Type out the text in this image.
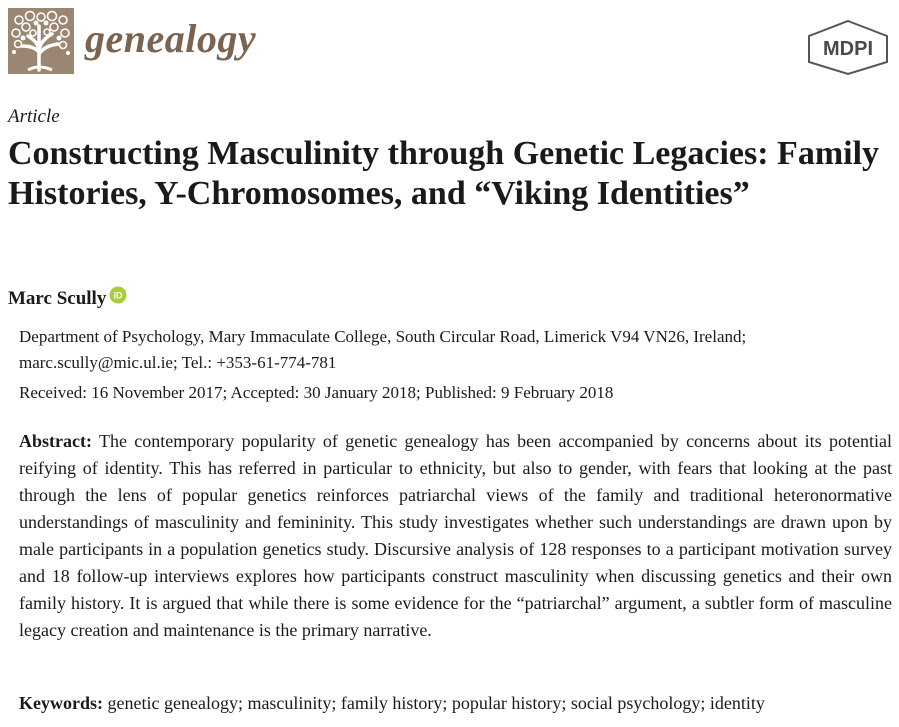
genealogy	MDPI
Article
Constructing Masculinity through Genetic Legacies: Family Histories, Y-Chromosomes, and “Viking Identities”
Marc Scully iD
Department of Psychology, Mary Immaculate College, South Circular Road, Limerick V94 VN26, Ireland;
marc.scully@mic.ul.ie; Tel.: +353-61-774-781
Received: 16 November 2017; Accepted: 30 January 2018; Published: 9 February 2018

Abstract: The contemporary popularity of genetic genealogy has been accompanied by concerns about its potential reifying of identity. This has referred in particular to ethnicity, but also to gender, with fears that looking at the past through the lens of popular genetics reinforces patriarchal views of the family and traditional heteronormative understandings of masculinity and femininity. This study investigates whether such understandings are drawn upon by male participants in a population genetics study. Discursive analysis of 128 responses to a participant motivation survey and 18 follow-up interviews explores how participants construct masculinity when discussing genetics and their own family history. It is argued that while there is some evidence for the “patriarchal” argument, a subtler form of masculine legacy creation and maintenance is the primary narrative.

Keywords: genetic genealogy; masculinity; family history; popular history; social psychology; identity
